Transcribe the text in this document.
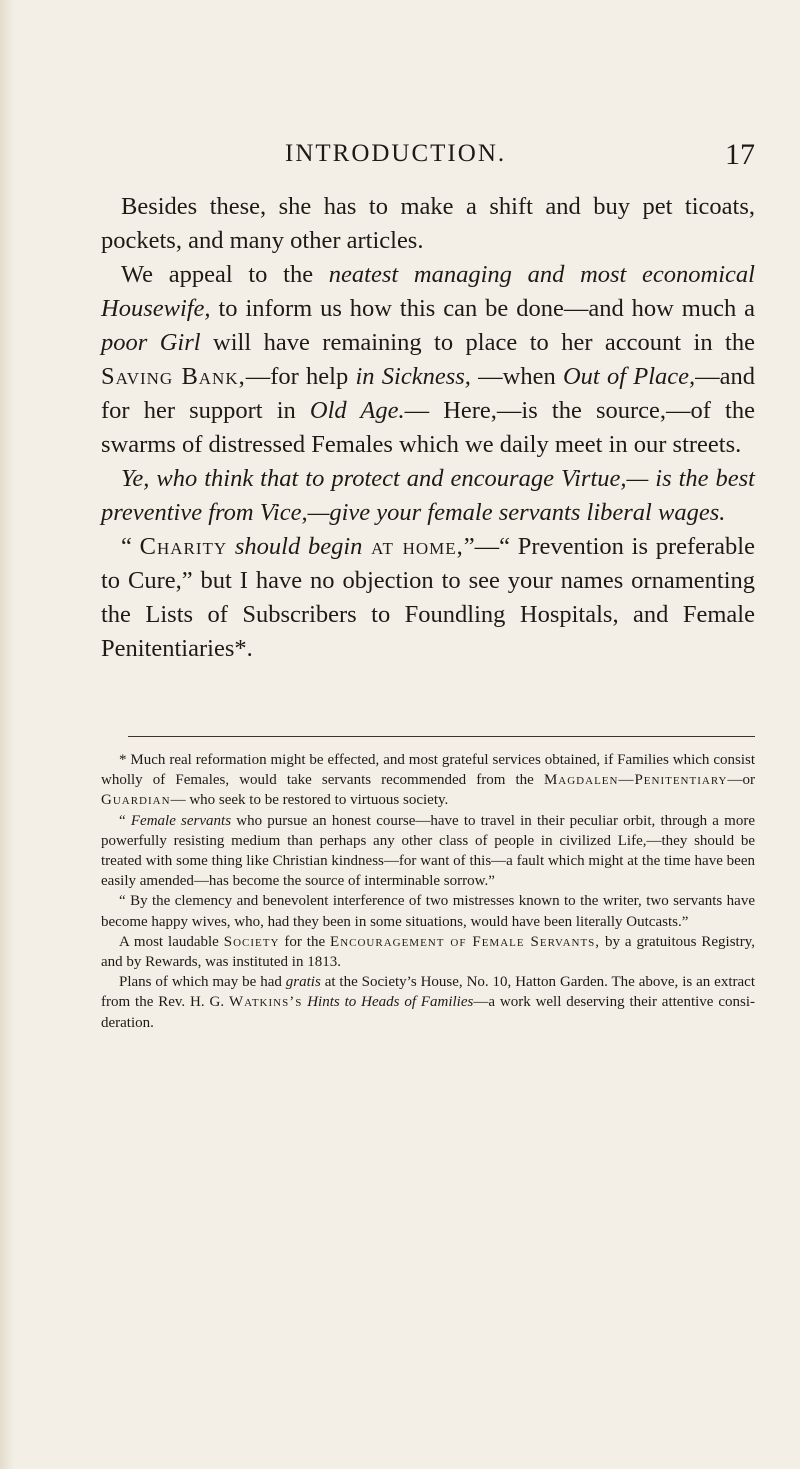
INTRODUCTION.	17

Besides these, she has to make a shift and buy pet ticoats, pockets, and many other articles.

We appeal to the neatest managing and most economical Housewife, to inform us how this can be done—and how much a poor Girl will have remaining to place to her account in the Saving Bank,—for help in Sickness, —when Out of Place,—and for her support in Old Age.— Here,—is the source,—of the swarms of distressed Females which we daily meet in our streets.

Ye, who think that to protect and encourage Virtue,— is the best preventive from Vice,—give your female servants liberal wages.

“ Charity should begin at home,”—“ Prevention is preferable to Cure,” but I have no objection to see your names ornamenting the Lists of Subscribers to Foundling Hospitals, and Female Penitentiaries*.

* Much real reformation might be effected, and most grateful services obtained, if Families which consist wholly of Females, would take servants recommended from the Magdalen—Penitentiary—or Guardian— who seek to be restored to virtuous society.

“ Female servants who pursue an honest course—have to travel in their peculiar orbit, through a more powerfully resisting medium than perhaps any other class of people in civilized Life,—they should be treated with some thing like Christian kindness—for want of this—a fault which might at the time have been easily amended—has become the source of interminable sorrow.”

“ By the clemency and benevolent interference of two mistresses known to the writer, two servants have become happy wives, who, had they been in some situations, would have been literally Outcasts.”

A most laudable Society for the Encouragement of Female Servants, by a gratuitous Registry, and by Rewards, was instituted in 1813.

Plans of which may be had gratis at the Society’s House, No. 10, Hatton Garden. The above, is an extract from the Rev. H. G. Watkins’s Hints to Heads of Families—a work well deserving their attentive consi deration.
